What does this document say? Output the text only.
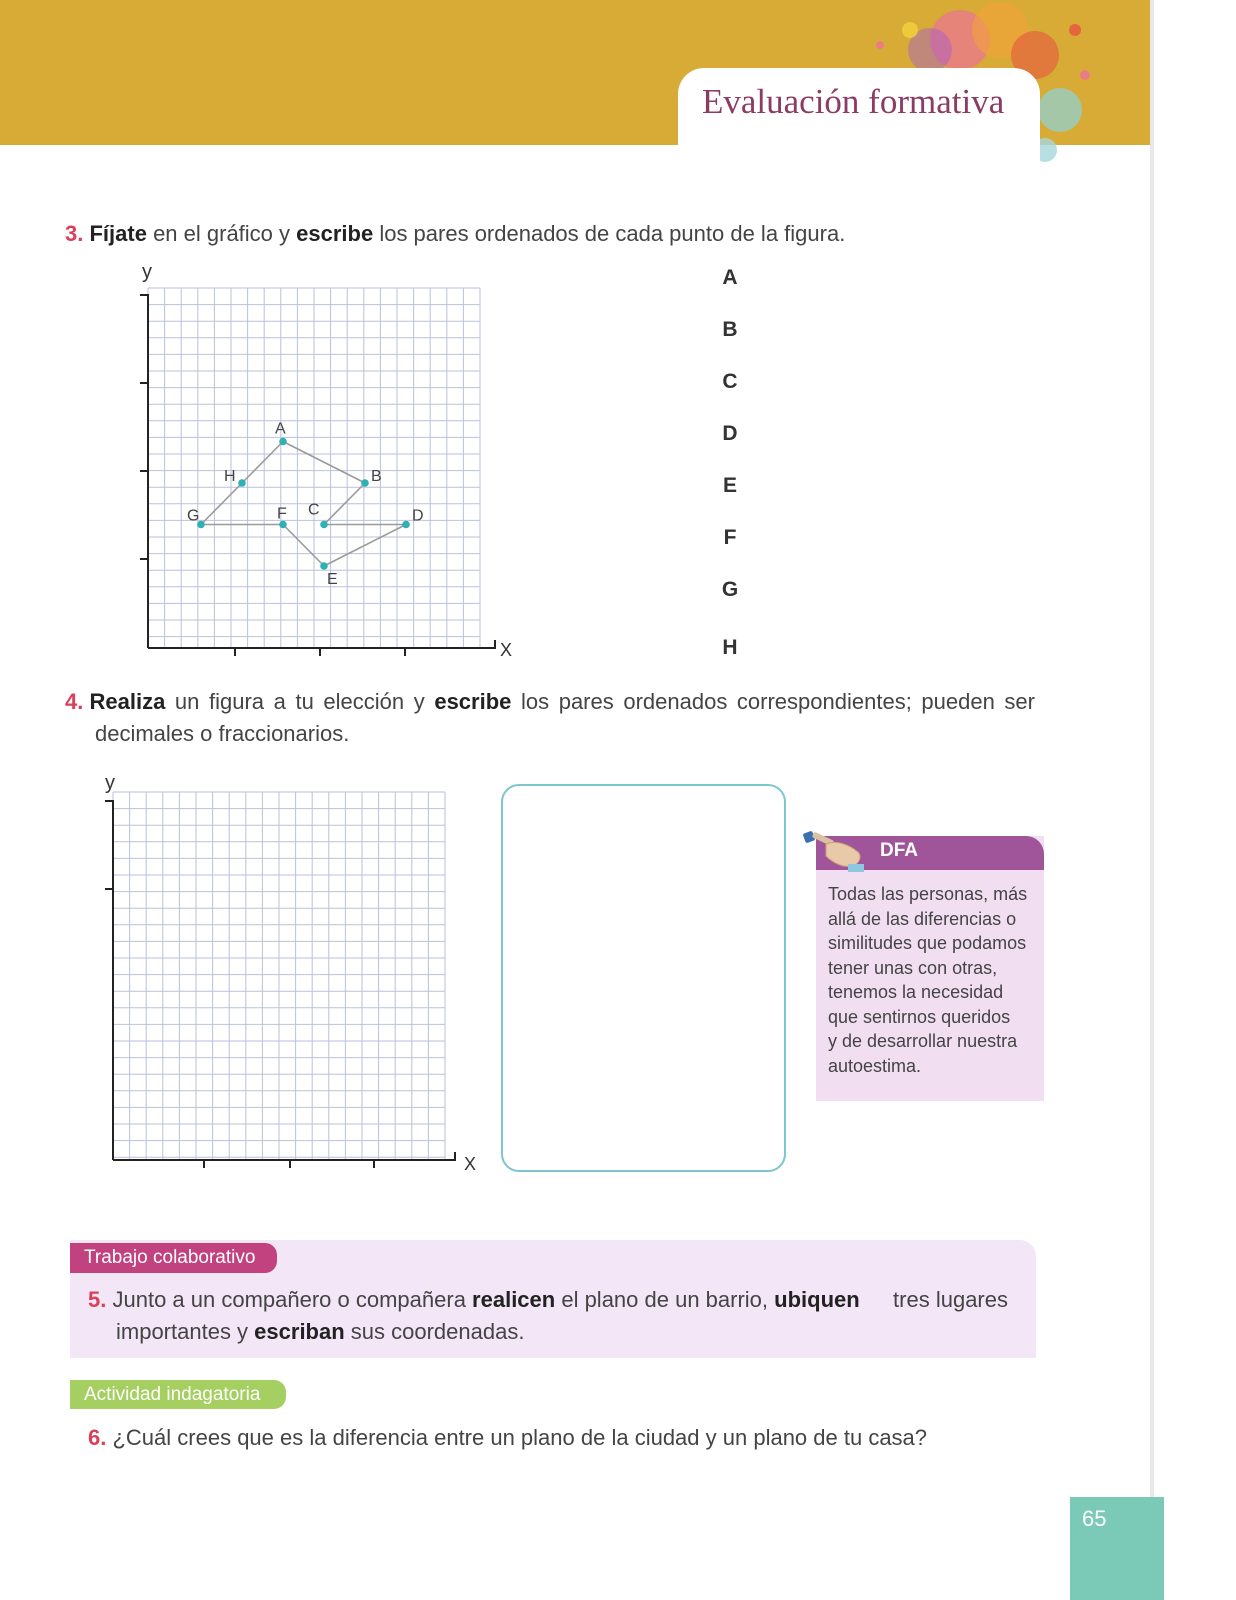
Evaluación formativa
3. Fíjate en el gráfico y escribe los pares ordenados de cada punto de la figura.
y
X
A
B
C	D
E
F
G
H
A
B
C
D
E
F
G
H
4. Realiza un figura a tu elección y escribe los pares ordenados correspondientes; pueden ser
decimales o fraccionarios.
y
X
DFA
Todas las personas, más
allá de las diferencias o
similitudes que podamos
tener unas con otras,
tenemos la necesidad
que sentirnos queridos
y de desarrollar nuestra
autoestima.
Trabajo colaborativo
5. Junto a un compañero o compañera realicen el plano de un barrio, ubiquen tres lugares
importantes y escriban sus coordenadas.
Actividad indagatoria
6. ¿Cuál crees que es la diferencia entre un plano de la ciudad y un plano de tu casa?
65
